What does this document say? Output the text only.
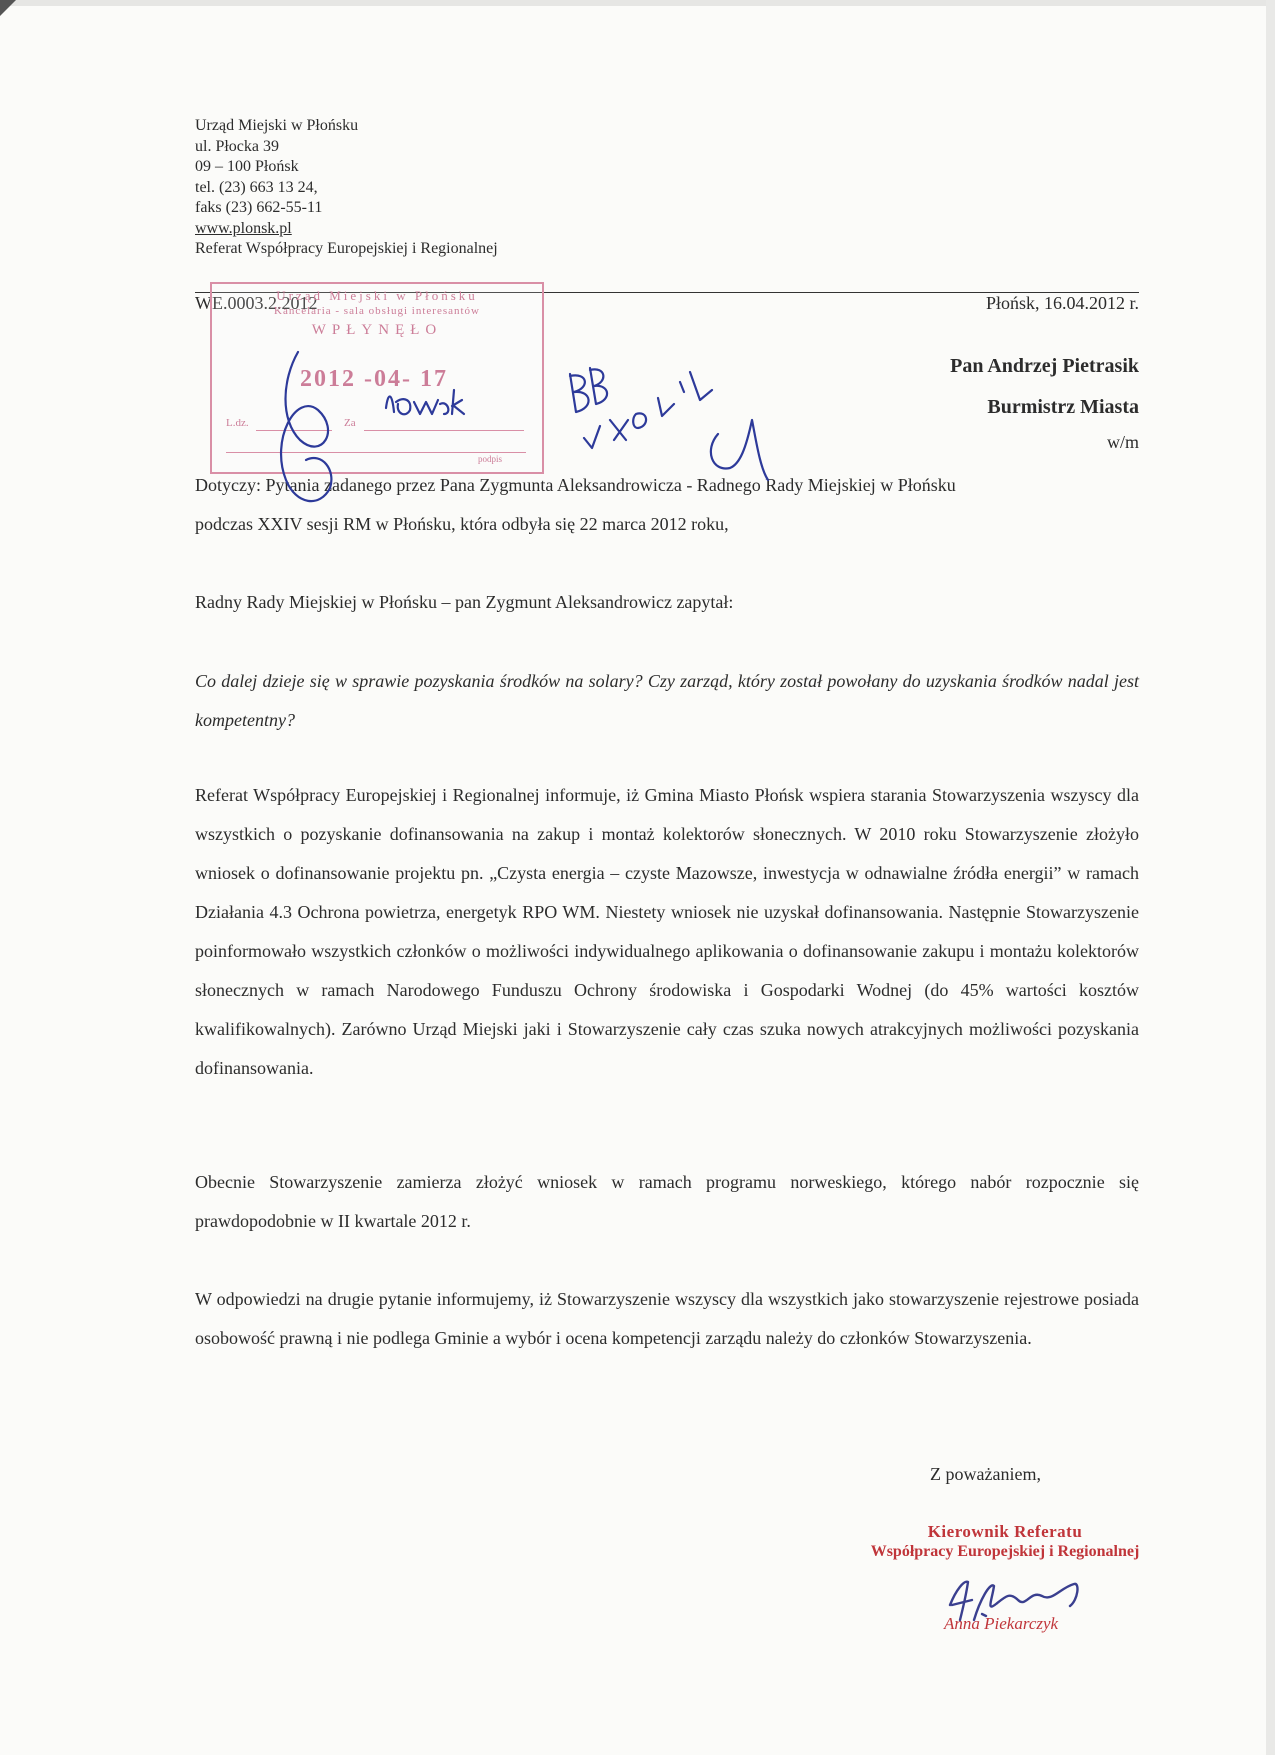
Urząd Miejski w Płońsku
ul. Płocka 39
09 – 100 Płońsk
tel. (23) 663 13 24,
faks (23) 662-55-11
www.plonsk.pl
Referat Współpracy Europejskiej i Regionalnej
WE.0003.2.2012	Płońsk, 16.04.2012 r.
Pan Andrzej Pietrasik
Burmistrz Miasta
w/m
Dotyczy: Pytania zadanego przez Pana Zygmunta Aleksandrowicza - Radnego Rady Miejskiej w Płońsku
podczas XXIV sesji RM w Płońsku, która odbyła się 22 marca 2012 roku,
Radny Rady Miejskiej w Płońsku – pan Zygmunt Aleksandrowicz zapytał:
Co dalej dzieje się w sprawie pozyskania środków na solary? Czy zarząd, który został powołany do uzyskania środków nadal jest kompetentny?
Referat Współpracy Europejskiej i Regionalnej informuje, iż Gmina Miasto Płońsk wspiera starania Stowarzyszenia wszyscy dla wszystkich o pozyskanie dofinansowania na zakup i montaż kolektorów słonecznych. W 2010 roku Stowarzyszenie złożyło wniosek o dofinansowanie projektu pn. „Czysta energia – czyste Mazowsze, inwestycja w odnawialne źródła energii” w ramach Działania 4.3 Ochrona powietrza, energetyk RPO WM. Niestety wniosek nie uzyskał dofinansowania. Następnie Stowarzyszenie poinformowało wszystkich członków o możliwości indywidualnego aplikowania o dofinansowanie zakupu i montażu kolektorów słonecznych w ramach Narodowego Funduszu Ochrony środowiska i Gospodarki Wodnej (do 45% wartości kosztów kwalifikowalnych). Zarówno Urząd Miejski jaki i Stowarzyszenie cały czas szuka nowych atrakcyjnych możliwości pozyskania dofinansowania.
Obecnie Stowarzyszenie zamierza złożyć wniosek w ramach programu norweskiego, którego nabór rozpocznie się prawdopodobnie w II kwartale 2012 r.
W odpowiedzi na drugie pytanie informujemy, iż Stowarzyszenie wszyscy dla wszystkich jako stowarzyszenie rejestrowe posiada osobowość prawną i nie podlega Gminie a wybór i ocena kompetencji zarządu należy do członków Stowarzyszenia.
Z poważaniem,
Kierownik Referatu
Współpracy Europejskiej i Regionalnej
Anna Piekarczyk
Urząd Miejski w Płońsku
Kancelaria - sala obsługi interesantów
WPŁYNĘŁO
2012 -04- 17
L.dz.	Za
podpis
